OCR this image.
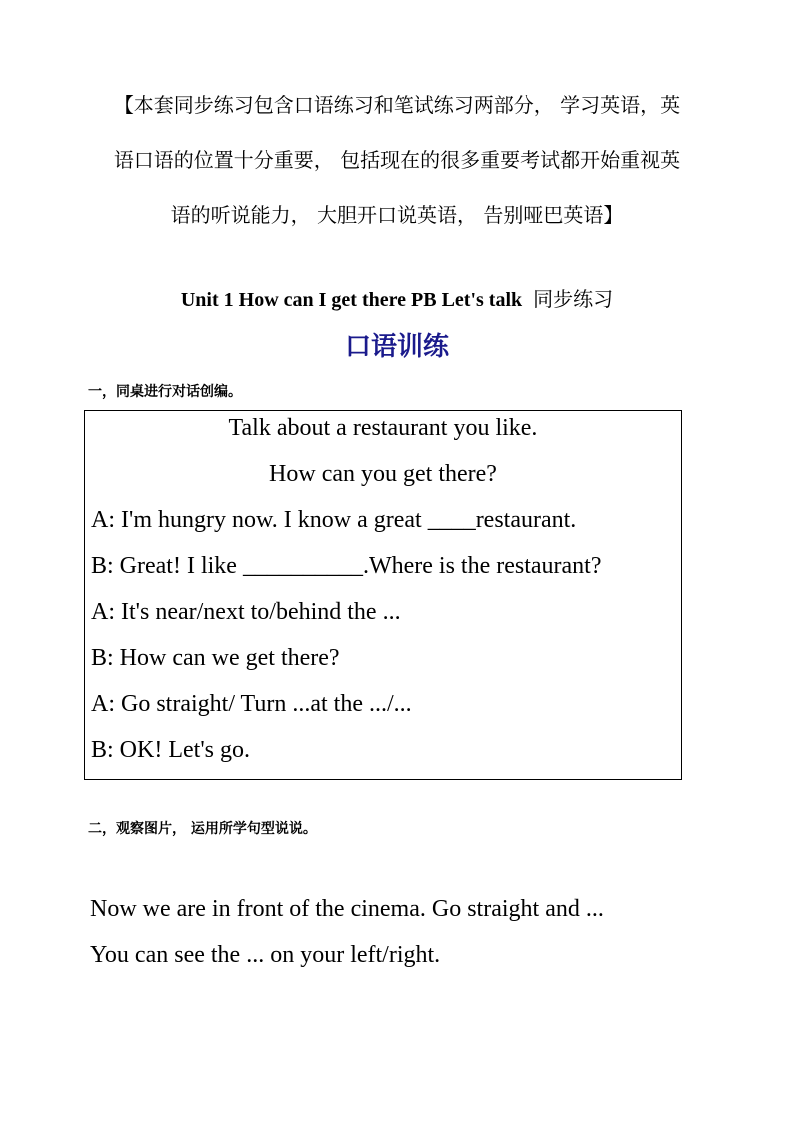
【本套同步练习包含口语练习和笔试练习两部分， 学习英语，英
语口语的位置十分重要， 包括现在的很多重要考试都开始重视英
语的听说能力， 大胆开口说英语， 告别哑巴英语】
Unit 1 How can I get there PB Let's talk 同步练习
口语训练
一，同桌进行对话创编。
Talk about a restaurant you like.
How can you get there?
A: I'm hungry now. I know a great ____restaurant.
B: Great! I like __________.Where is the restaurant?
A: It's near/next to/behind the ...
B: How can we get there?
A: Go straight/ Turn ...at the .../...
B: OK! Let's go.
二，观察图片， 运用所学句型说说。
Now we are in front of the cinema. Go straight and ...
You can see the ... on your left/right.
